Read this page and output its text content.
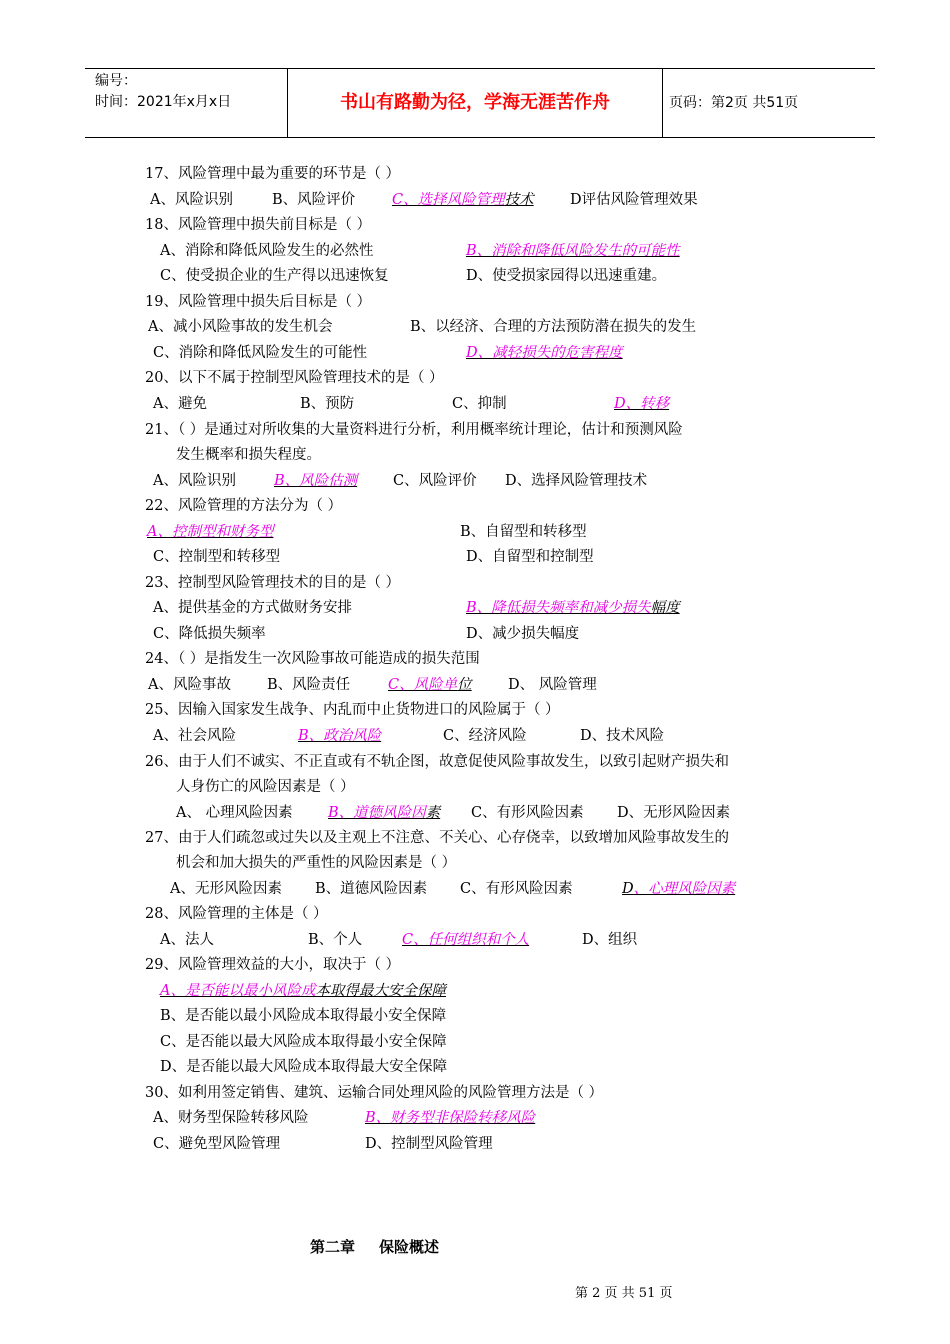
编号：
时间：2021年x月x日	书山有路勤为径，学海无涯苦作舟	页码：第2页 共51页
17、风险管理中最为重要的环节是（ ）
A、风险识别	B、风险评价	C、选择风险管理技术	D评估风险管理效果
18、风险管理中损失前目标是（ ）
A、消除和降低风险发生的必然性	B、消除和降低风险发生的可能性
C、使受损企业的生产得以迅速恢复	D、使受损家园得以迅速重建。
19、风险管理中损失后目标是（ ）
A、减小风险事故的发生机会	B、以经济、合理的方法预防潜在损失的发生
C、消除和降低风险发生的可能性	D、减轻损失的危害程度
20、以下不属于控制型风险管理技术的是（ ）
A、避免	B、预防	C、抑制	D、转移
21、（ ）是通过对所收集的大量资料进行分析，利用概率统计理论，估计和预测风险
发生概率和损失程度。
A、风险识别	B、风险估测 C、风险评价 D、选择风险管理技术
22、风险管理的方法分为（ ）
A、控制型和财务型	B、自留型和转移型
C、控制型和转移型	D、自留型和控制型
23、控制型风险管理技术的目的是（ ）
A、提供基金的方式做财务安排	B、降低损失频率和减少损失幅度
C、降低损失频率	D、减少损失幅度
24、（ ）是指发生一次风险事故可能造成的损失范围
A、风险事故 B、风险责任	C、风险单位	D、 风险管理
25、因输入国家发生战争、内乱而中止货物进口的风险属于（ ）
A、社会风险	B、政治风险	C、经济风险	D、技术风险
26、由于人们不诚实、不正直或有不轨企图，故意促使风险事故发生，以致引起财产损失和
人身伤亡的风险因素是（ ）
A、 心理风险因素 B、道德风险因素 C、有形风险因素 D、无形风险因素
27、由于人们疏忽或过失以及主观上不注意、不关心、心存侥幸，以致增加风险事故发生的
机会和加大损失的严重性的风险因素是（ ）
A、无形风险因素 B、道德风险因素 C、有形风险因素	D、心理风险因素
28、风险管理的主体是（ ）
A、法人	B、个人	C、任何组织和个人	D、组织
29、风险管理效益的大小，取决于（ ）
A、是否能以最小风险成本取得最大安全保障
B、是否能以最小风险成本取得最小安全保障
C、是否能以最大风险成本取得最小安全保障
D、是否能以最大风险成本取得最大安全保障
30、如利用签定销售、建筑、运输合同处理风险的风险管理方法是（ ）
A、财务型保险转移风险	B、财务型非保险转移风险
C、避免型风险管理	D、控制型风险管理
第二章 保险概述
第 2 页 共 51 页
